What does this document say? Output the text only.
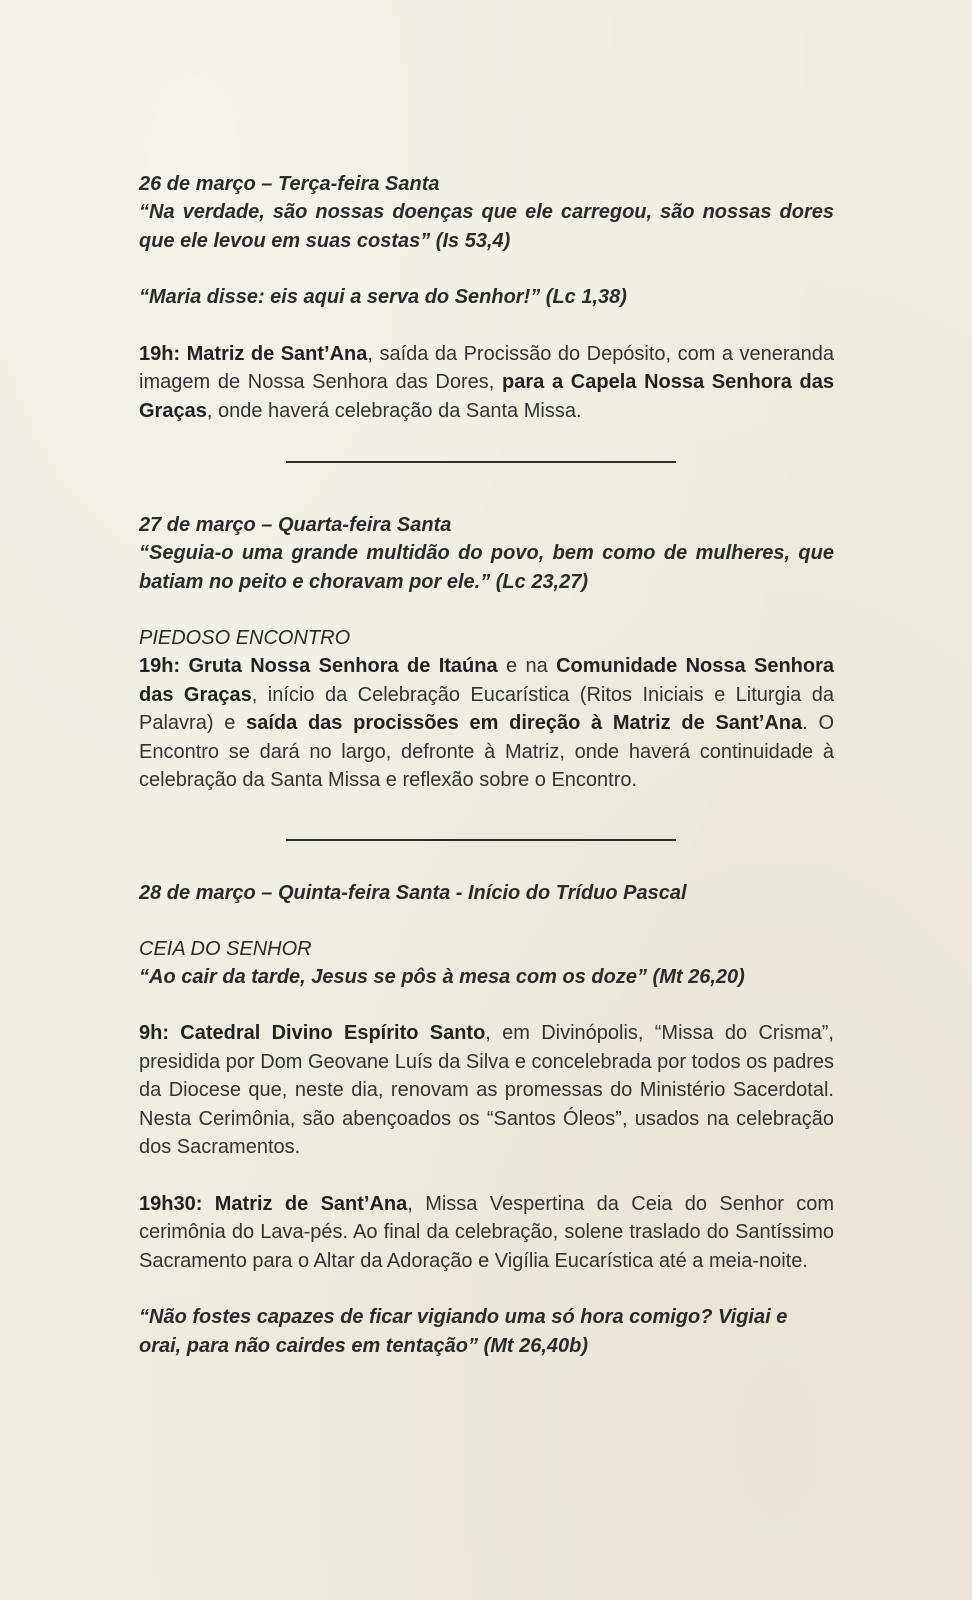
26 de março – Terça-feira Santa

“Na verdade, são nossas doenças que ele carregou, são nossas dores que ele levou em suas costas” (Is 53,4)

“Maria disse: eis aqui a serva do Senhor!” (Lc 1,38)

19h: Matriz de Sant’Ana, saída da Procissão do Depósito, com a veneranda imagem de Nossa Senhora das Dores, para a Capela Nossa Senhora das Graças, onde haverá celebração da Santa Missa.

27 de março – Quarta-feira Santa

“Seguia-o uma grande multidão do povo, bem como de mulheres, que batiam no peito e choravam por ele.” (Lc 23,27)

PIEDOSO ENCONTRO

19h: Gruta Nossa Senhora de Itaúna e na Comunidade Nossa Senhora das Graças, início da Celebração Eucarística (Ritos Iniciais e Liturgia da Palavra) e saída das procissões em direção à Matriz de Sant’Ana. O Encontro se dará no largo, defronte à Matriz, onde haverá continuidade à celebração da Santa Missa e reflexão sobre o Encontro.

28 de março – Quinta-feira Santa - Início do Tríduo Pascal

CEIA DO SENHOR

“Ao cair da tarde, Jesus se pôs à mesa com os doze” (Mt 26,20)

9h: Catedral Divino Espírito Santo, em Divinópolis, “Missa do Crisma”, presidida por Dom Geovane Luís da Silva e concelebrada por todos os padres da Diocese que, neste dia, renovam as promessas do Ministério Sacerdotal. Nesta Cerimônia, são abençoados os “Santos Óleos”, usados na celebração dos Sacramentos.

19h30: Matriz de Sant’Ana, Missa Vespertina da Ceia do Senhor com cerimônia do Lava-pés. Ao final da celebração, solene traslado do Santíssimo Sacramento para o Altar da Adoração e Vigília Eucarística até a meia-noite.

“Não fostes capazes de ficar vigiando uma só hora comigo? Vigiai e orai, para não cairdes em tentação” (Mt 26,40b)
